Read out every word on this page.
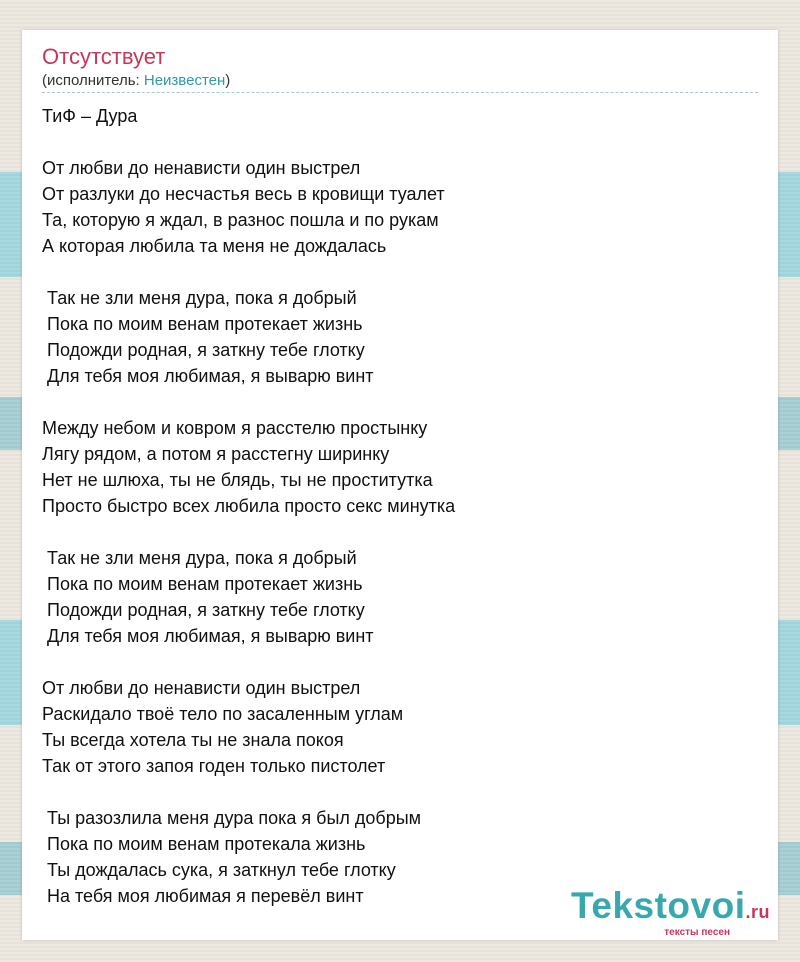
Отсутствует
(исполнитель: Неизвестен)
ТиФ – Дура
От любви до ненависти один выстрел
От разлуки до несчастья весь в кровищи туалет
Та, которую я ждал, в разнос пошла и по рукам
А которая любила та меня не дождалась
Так не зли меня дура, пока я добрый
Пока по моим венам протекает жизнь
Подожди родная, я заткну тебе глотку
Для тебя моя любимая, я выварю винт
Между небом и ковром я расстелю простынку
Лягу рядом, а потом я расстегну ширинку
Нет не шлюха, ты не блядь, ты не проститутка
Просто быстро всех любила просто секс минутка
Так не зли меня дура, пока я добрый
Пока по моим венам протекает жизнь
Подожди родная, я заткну тебе глотку
Для тебя моя любимая, я выварю винт
От любви до ненависти один выстрел
Раскидало твоё тело по засаленным углам
Ты всегда хотела ты не знала покоя
Так от этого запоя годен только пистолет
Ты разозлила меня дура пока я был добрым
Пока по моим венам протекала жизнь
Ты дождалась сука, я заткнул тебе глотку
На тебя моя любимая я перевёл винт	Tekstovoi.ru
тексты песен
